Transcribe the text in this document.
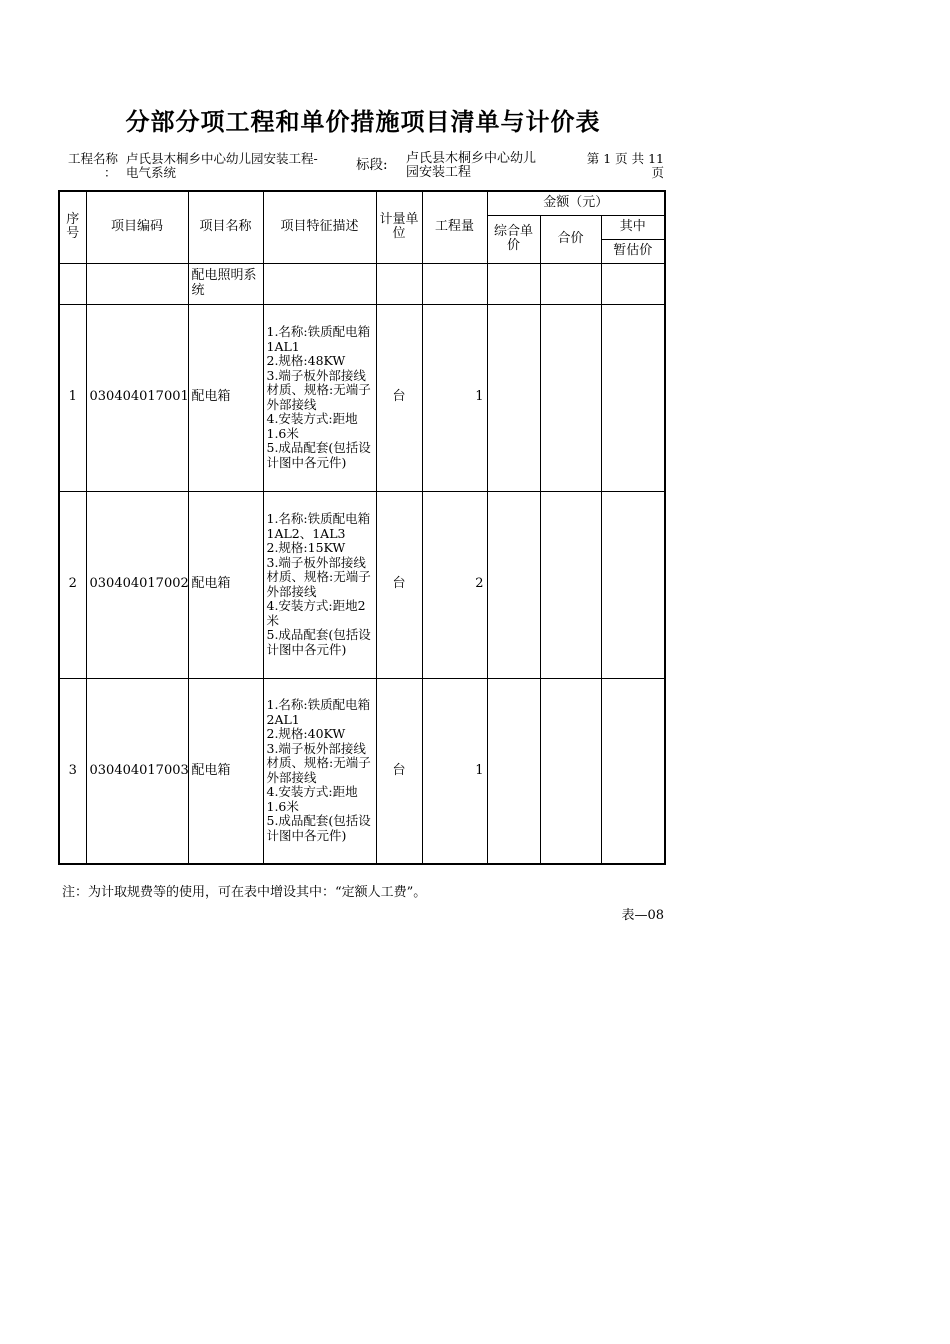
分部分项工程和单价措施项目清单与计价表
工程名称
：
卢氏县木桐乡中心幼儿园安装工程-
电气系统	标段: 卢氏县木桐乡中心幼儿
园安装工程
第 1 页 共 11
页
序号	项目编码	项目名称	项目特征描述	计量单位	工程量	金额（元）		
						综合单价	合价	其中
								暂估价
		配电照明系统						
1	030404017001	配电箱	1.名称:铁质配电箱1AL1
2.规格:48KW
3.端子板外部接线材质、规格:无端子外部接线
4.安装方式:距地1.6米
5.成品配套(包括设计图中各元件)	台	1			
2	030404017002	配电箱	1.名称:铁质配电箱1AL2、1AL3
2.规格:15KW
3.端子板外部接线材质、规格:无端子外部接线
4.安装方式:距地2米
5.成品配套(包括设计图中各元件)	台	2			
3	030404017003	配电箱	1.名称:铁质配电箱2AL1
2.规格:40KW
3.端子板外部接线材质、规格:无端子外部接线
4.安装方式:距地1.6米
5.成品配套(包括设计图中各元件)	台	1			
注：为计取规费等的使用，可在表中增设其中：“定额人工费”。
表—08
